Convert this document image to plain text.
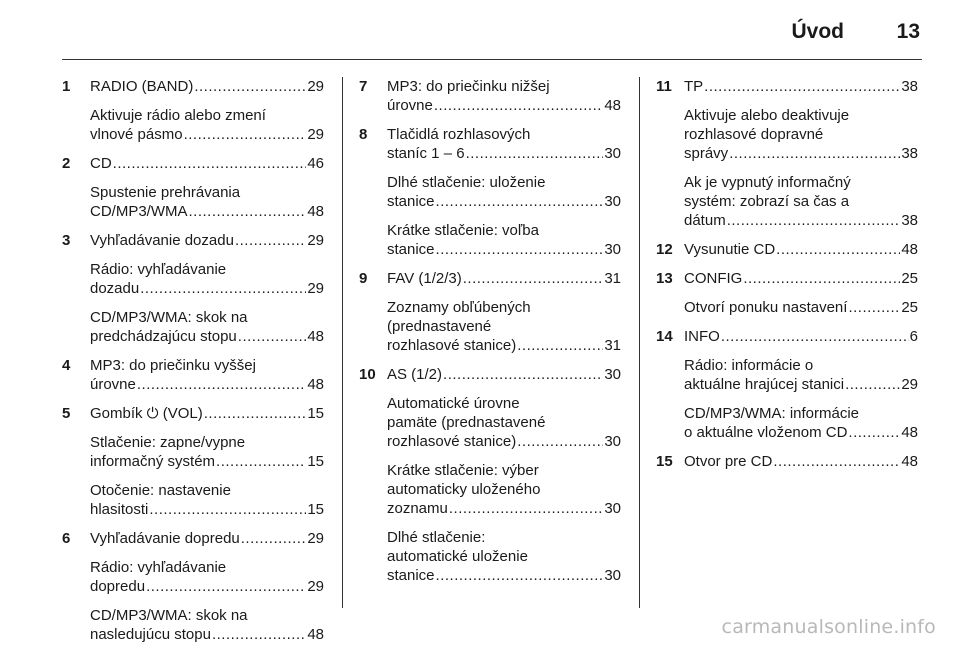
Úvod	13
1	RADIO (BAND) .....	29
Aktivuje rádio alebo zmení
vlnové pásmo .....	29
2	CD .....	46
Spustenie prehrávania
CD/MP3/WMA .....	48
3	Vyhľadávanie dozadu .....	29
Rádio: vyhľadávanie
dozadu .....	29
CD/MP3/WMA: skok na
predchádzajúcu stopu .....	48
4	MP3: do priečinku vyššej
úrovne .....	48
5	Gombík ⏻ (VOL) .....	15
Stlačenie: zapne/vypne
informačný systém .....	15
Otočenie: nastavenie
hlasitosti .....	15
6	Vyhľadávanie dopredu .....	29
Rádio: vyhľadávanie
dopredu .....	29
CD/MP3/WMA: skok na
nasledujúcu stopu .....	48
7	MP3: do priečinku nižšej
úrovne .....	48
8	Tlačidlá rozhlasových
staníc 1 – 6 .....	30
Dlhé stlačenie: uloženie
stanice .....	30
Krátke stlačenie: voľba
stanice .....	30
9	FAV (1/2/3) .....	31
Zoznamy obľúbených
(prednastavené
rozhlasové stanice) .....	31
10 AS (1/2) .....	30
Automatické úrovne
pamäte (prednastavené
rozhlasové stanice) .....	30
Krátke stlačenie: výber
automaticky uloženého
zoznamu .....	30
Dlhé stlačenie:
automatické uloženie
stanice .....	30
11 TP .....	38
Aktivuje alebo deaktivuje
rozhlasové dopravné
správy .....	38
Ak je vypnutý informačný
systém: zobrazí sa čas a
dátum .....	38
12 Vysunutie CD .....	48
13 CONFIG .....	25
Otvorí ponuku nastavení .....	25
14 INFO .....	6
Rádio: informácie o
aktuálne hrajúcej stanici .....	29
CD/MP3/WMA: informácie
o aktuálne vloženom CD .....	48
15 Otvor pre CD .....	48
carmanualsonline.info
